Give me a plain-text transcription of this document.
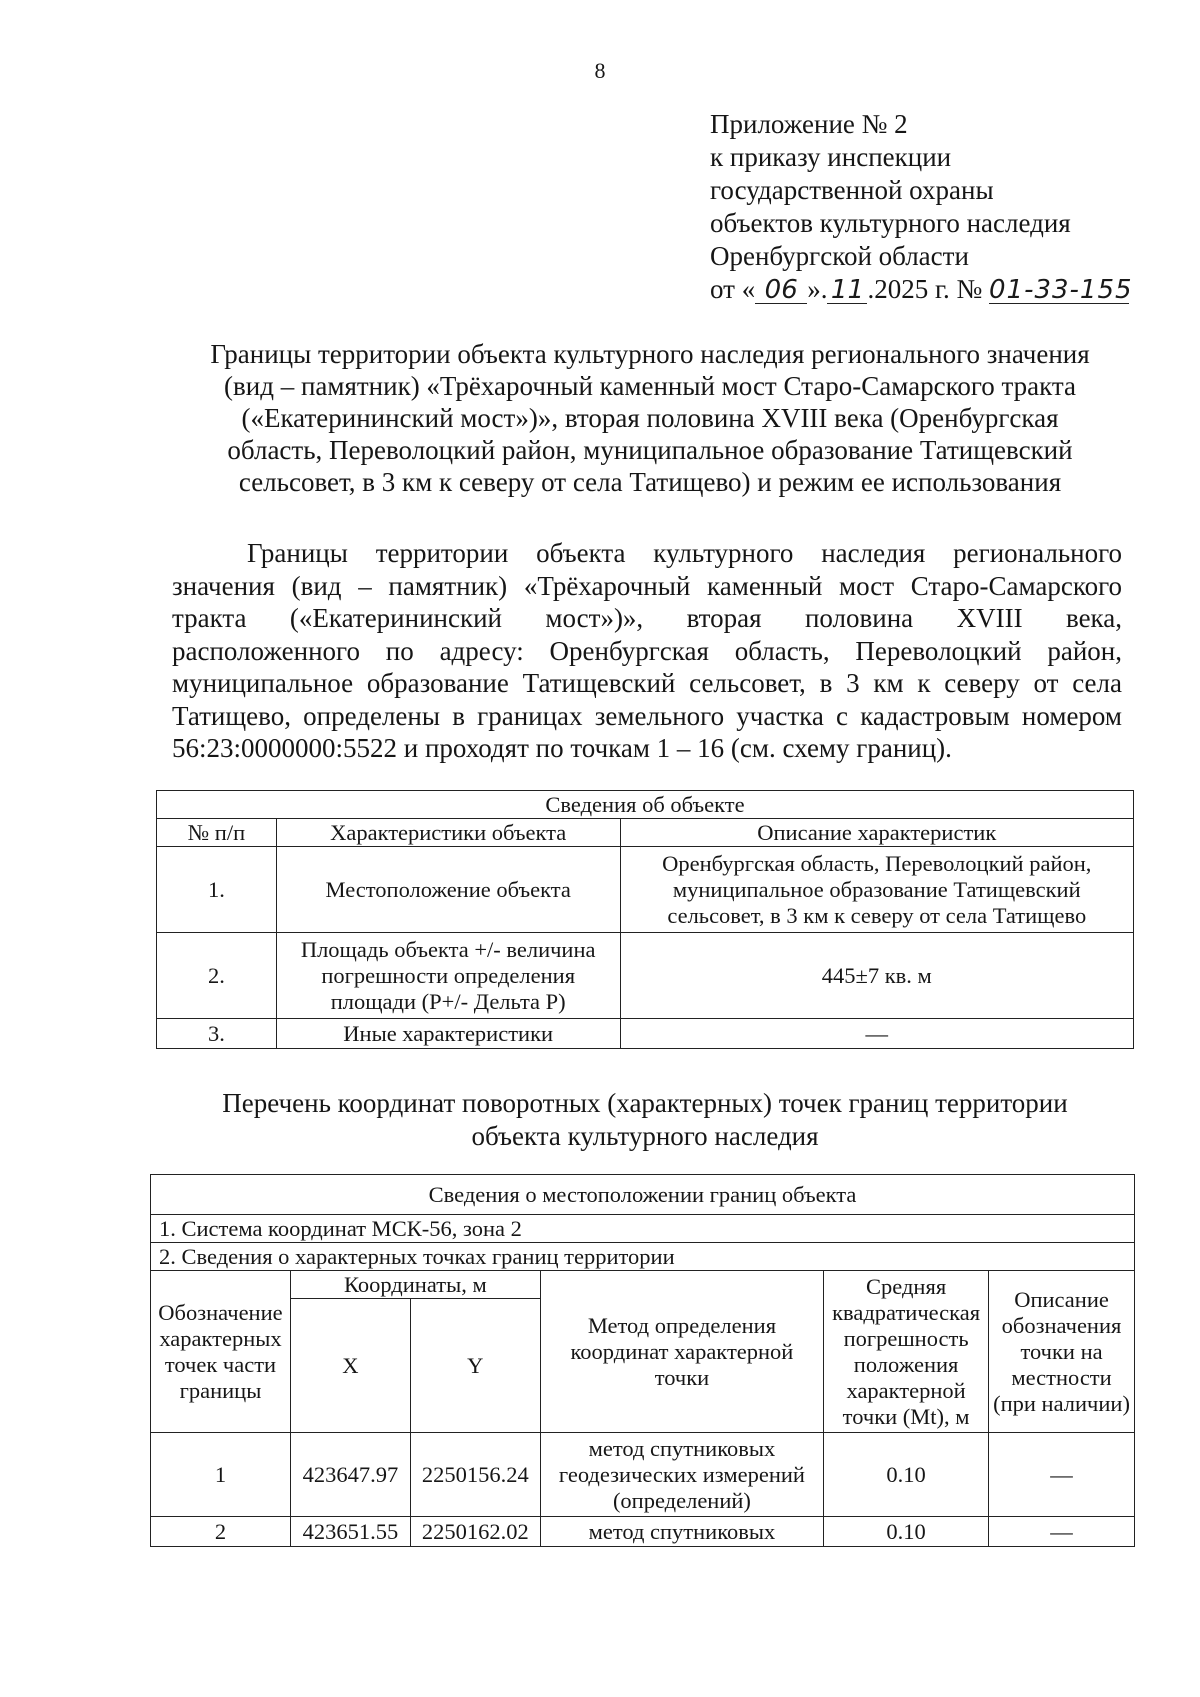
8
Приложение № 2
к приказу инспекции
государственной охраны
объектов культурного наследия
Оренбургской области
от « 06 ». 11 .2025 г. № 01-33-155
Границы территории объекта культурного наследия регионального значения
(вид – памятник) «Трёхарочный каменный мост Старо-Самарского тракта
(«Екатерининский мост»)», вторая половина XVIII века (Оренбургская
область, Переволоцкий район, муниципальное образование Татищевский
сельсовет, в 3 км к северу от села Татищево) и режим ее использования
Границы территории объекта культурного наследия регионального
значения (вид – памятник) «Трёхарочный каменный мост Старо-Самарского
тракта («Екатерининский мост»)», вторая половина XVIII века,
расположенного по адресу: Оренбургская область, Переволоцкий район,
муниципальное образование Татищевский сельсовет, в 3 км к северу от села
Татищево, определены в границах земельного участка с кадастровым номером
56:23:0000000:5522 и проходят по точкам 1 – 16 (см. схему границ).
Сведения об объекте		
№ п/п	Характеристики объекта	Описание характеристик
1.	Местоположение объекта	Оренбургская область, Переволоцкий район, муниципальное образование Татищевский сельсовет, в 3 км к северу от села Татищево
2.	Площадь объекта +/- величина погрешности определения площади (P+/- Дельта P)	445±7 кв. м
3.	Иные характеристики	—
Перечень координат поворотных (характерных) точек границ территории
объекта культурного наследия
Сведения о местоположении границ объекта					
1. Система координат МСК-56, зона 2					
2. Сведения о характерных точках границ территории					
Обозначение характерных точек части границы	Координаты, м		Метод определения координат характерной точки	Средняя квадратическая погрешность положения характерной точки (Mt), м	Описание обозначения точки на местности (при наличии)
	X	Y			
1	423647.97	2250156.24	метод спутниковых геодезических измерений (определений)	0.10	—
2	423651.55	2250162.02	метод спутниковых	0.10	—
